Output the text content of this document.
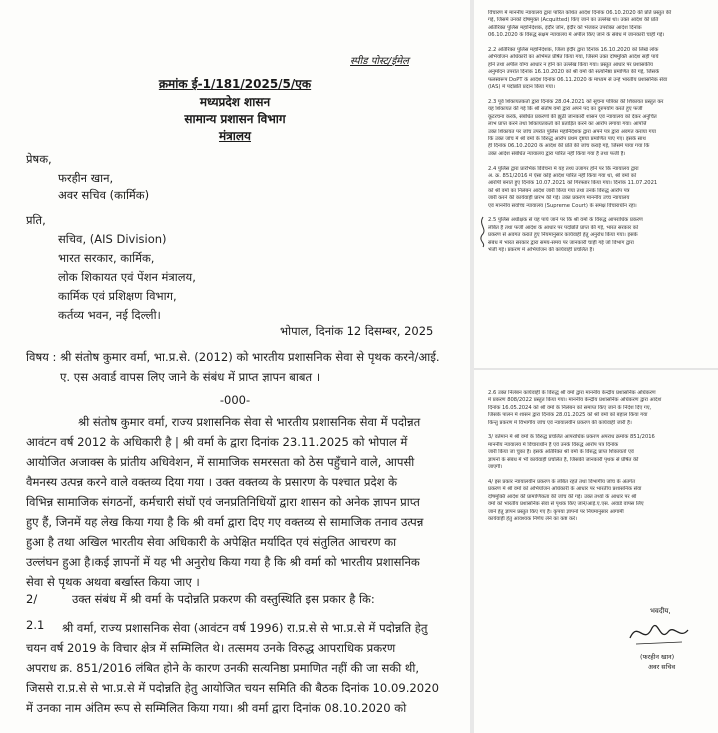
स्पीड पोस्ट/ईमेल
क्रमांक ई-1/181/2025/5/एक
मध्यप्रदेश शासन
सामान्य प्रशासन विभाग
मंत्रालय
प्रेषक,
फरहीन खान,
अवर सचिव (कार्मिक)
प्रति,
सचिव, (AIS Division)
भारत सरकार, कार्मिक,
लोक शिकायत एवं पेंशन मंत्रालय,
कार्मिक एवं प्रशिक्षण विभाग,
कर्तव्य भवन, नई दिल्ली।
भोपाल, दिनांक 12 दिसम्बर, 2025
विषय : श्री संतोष कुमार वर्मा, भा.प्र.से. (2012) को भारतीय प्रशासनिक सेवा से पृथक करने/आई.
ए. एस अवार्ड वापस लिए जाने के संबंध में प्राप्त ज्ञापन बाबत ।
-000-
श्री संतोष कुमार वर्मा, राज्य प्रशासनिक सेवा से भारतीय प्रशासनिक सेवा में पदोन्नत
आवंटन वर्ष 2012 के अधिकारी है | श्री वर्मा के द्वारा दिनांक 23.11.2025 को भोपाल में
आयोजित अजाक्स के प्रांतीय अधिवेशन, में सामाजिक समरसता को ठेस पहुँचाने वाले, आपसी
वैमनस्य उत्पन्न करने वाले वक्तव्य दिया गया । उक्त वक्तव्य के प्रसारण के पश्चात प्रदेश के
विभिन्न सामाजिक संगठनों, कर्मचारी संघों एवं जनप्रतिनिधियों द्वारा शासन को अनेक ज्ञापन प्राप्त
हुए हैं, जिनमें यह लेख किया गया है कि श्री वर्मा द्वारा दिए गए वक्तव्य से सामाजिक तनाव उत्पन्न
हुआ है तथा अखिल भारतीय सेवा अधिकारी के अपेक्षित मर्यादित एवं संतुलित आचरण का
उल्लंघन हुआ है।कई ज्ञापनों में यह भी अनुरोध किया गया है कि श्री वर्मा को भारतीय प्रशासनिक
सेवा से पृथक अथवा बर्खास्त किया जाए ।
2/	उक्त संबंध में श्री वर्मा के पदोन्नति प्रकरण की वस्तुस्थिति इस प्रकार है कि:
2.1	श्री वर्मा, राज्य प्रशासनिक सेवा (आवंटन वर्ष 1996) रा.प्र.से से भा.प्र.से में पदोन्नति हेतु
चयन वर्ष 2019 के विचार क्षेत्र में सम्मिलित थे। तत्समय उनके विरुद्ध आपराधिक प्रकरण
अपराध क्र. 851/2016 लंबित होने के कारण उनकी सत्यनिष्ठा प्रमाणित नहीं की जा सकी थी,
जिससे रा.प्र.से से भा.प्र.से में पदोन्नति हेतु आयोजित चयन समिति की बैठक दिनांक 10.09.2020
में उनका नाम अंतिम रूप से सम्मिलित किया गया। श्री वर्मा द्वारा दिनांक 08.10.2020 को
विचारण में माननीय न्यायालय द्वारा पारित कथित आदेश दिनांक 06.10.2020 की प्रति प्रस्तुत की
गई, जिसमें उनको दोषमुक्त (Acquitted) किए जाने का उल्लेख था। उक्त आदेश की प्रति
अतिरिक्त पुलिस महानिदेशक, इंदौर जोन, इंदौर को भेजकर उपरोक्त आदेश दिनांक
06.10.2020 के विरुद्ध सक्षम न्यायालय में अपील किए जाने के संबंध में जानकारी चाही गई।

2.2 अतिरिक्त पुलिस महानिदेशक, जिला इंदौर द्वारा दिनांक 16.10.2020 को लिखे लोक
अभियोजन अधिकारी का अभिमत प्रेषित किया गया, जिसमें उक्त दोषमुक्ति आदेश सही पाये
होने तथा अपील योग्य आधार न होने का उल्लेख किया गया। प्रस्तुत आधार पर प्रशासकीय
अनुमोदन उपरांत दिनांक 16.10.2020 को श्री वर्मा की सत्यनिष्ठा प्रमाणित की गई, जिसके
फलस्वरूप DoPT के आदेश दिनांक 06.11.2020 के माध्यम से उन्हें भारतीय प्रशासनिक सेवा
(IAS) में पदोन्नति प्रदान किया गया।

2.3 पूर्व शिकायतकर्ता द्वारा दिनांक 28.04.2021 को सूचना पत्रिका की शिकायत प्रस्तुत कर
यह शिकायत की गई कि श्री संतोष वर्मा द्वारा अपने पद का दुरुपयोग करते हुए फर्जी
कूटरचना करके, संबंधित प्रकरणों की झूठी जानकारी शासन एवं न्यायालय को देकर अनुचित
लाभ प्राप्त करने तथा शिकायतकर्ता को प्रताड़ित करने का आरोप लगाया गया। आपत्ति
उक्त शिकायत पर जांच उपरांत पुलिस महानिदेशक द्वारा अपने पत्र द्वारा अवगत कराया गया
कि उक्त जांच में श्री वर्मा के विरुद्ध आरोप प्रथम दृष्टया प्रमाणित पाए गए। इसके साथ
ही दिनांक 06.10.2020 के आदेश की प्रति की जांच कराई गई, जिसमें पाया गया कि
उक्त आदेश संबंधित न्यायालय द्वारा पारित नहीं किया गया है तथा फर्जी है।

2.4 पुलिस द्वारा प्रारंभिक विवेचना में यह तथ्य उजागर होने पर कि न्यायालय द्वारा
अ. क्र. 851/2016 में ऐसा कोई आदेश पारित नहीं किया गया था, श्री वर्मा को
आरोपी बनाते हुए दिनांक 10.07.2021 को गिरफ्तार किया गया। दिनांक 11.07.2021
को श्री वर्मा का निलंबन आदेश जारी किया गया तथा उनके विरुद्ध आरोप पत्र
जारी करने की कार्यवाही प्रारंभ की गई। उक्त प्रकरण माननीय उच्च न्यायालय
एवं माननीय सर्वोच्च न्यायालय (Supreme Court) के समक्ष विचाराधीन रहा।

2.5 पुलिस अधीक्षक से यह पाये जाने पर कि श्री वर्मा के विरुद्ध आपराधिक प्रकरण
लंबित है तथा फर्जी आदेश के आधार पर पदोन्नति प्राप्त की गई, भारत सरकार को
प्रकरण से अवगत कराते हुए नियमानुसार कार्यवाही हेतु अनुरोध किया गया। इसके
संबंध में भारत सरकार द्वारा समय-समय पर जानकारी चाही गई जो विभाग द्वारा
भेजी गई। प्रकरण में अभियोजन की कार्यवाही प्रचलित है।
2.6 उक्त निलंबन कार्यवाही के विरुद्ध श्री वर्मा द्वारा माननीय केन्द्रीय प्रशासनिक अधिकरण
में प्रकरण 808/2022 प्रस्तुत किया गया। माननीय केन्द्रीय प्रशासनिक अधिकरण द्वारा आदेश
दिनांक 16.05.2024 को श्री वर्मा के निलंबन को समाप्त किए जाने के निर्देश दिए गए,
जिसके पालन में शासन द्वारा दिनांक 28.01.2025 को श्री वर्मा को बहाल किया गया
किन्तु प्रकरण में विभागीय जांच एवं न्यायालयीन प्रकरण की कार्यवाही जारी है।

3/ वर्तमान में श्री वर्मा के विरुद्ध प्रचलित आपराधिक प्रकरण अपराध क्रमांक 851/2016
माननीय न्यायालय में विचाराधीन है एवं उनके विरुद्ध आरोप पत्र दिनांक
जारी किया जा चुका है। इसके अतिरिक्त श्री वर्मा के विरुद्ध प्राप्त शिकायतों एवं
ज्ञापनों के संबंध में भी कार्यवाही प्रचलित है, जिसकी जानकारी पृथक से प्रेषित की
जाएगी।

4/ इस प्रकार न्यायालयीन प्रकरण के लंबित रहते तथा विभागीय जांच के अंतर्गत
प्रकरण में श्री वर्मा को अभियोजन अधिकारी के आधार पर भारतीय प्रशासनिक सेवा
दोषमुक्ति आदेश की प्रामाणिकता की जांच की गई। उक्त तथ्यों के आधार पर श्री
वर्मा को भारतीय प्रशासनिक सेवा से पृथक किए जाने/आई.ए.एस. अवार्ड वापस लिए
जाने हेतु ज्ञापन प्रस्तुत किए गए हैं। कृपया ज्ञापनों पर नियमानुसार आगामी
कार्यवाही हेतु आवश्यक निर्णय लेने का कष्ट करें।
भवदीय,
(फरहीन खान)
अवर सचिव
